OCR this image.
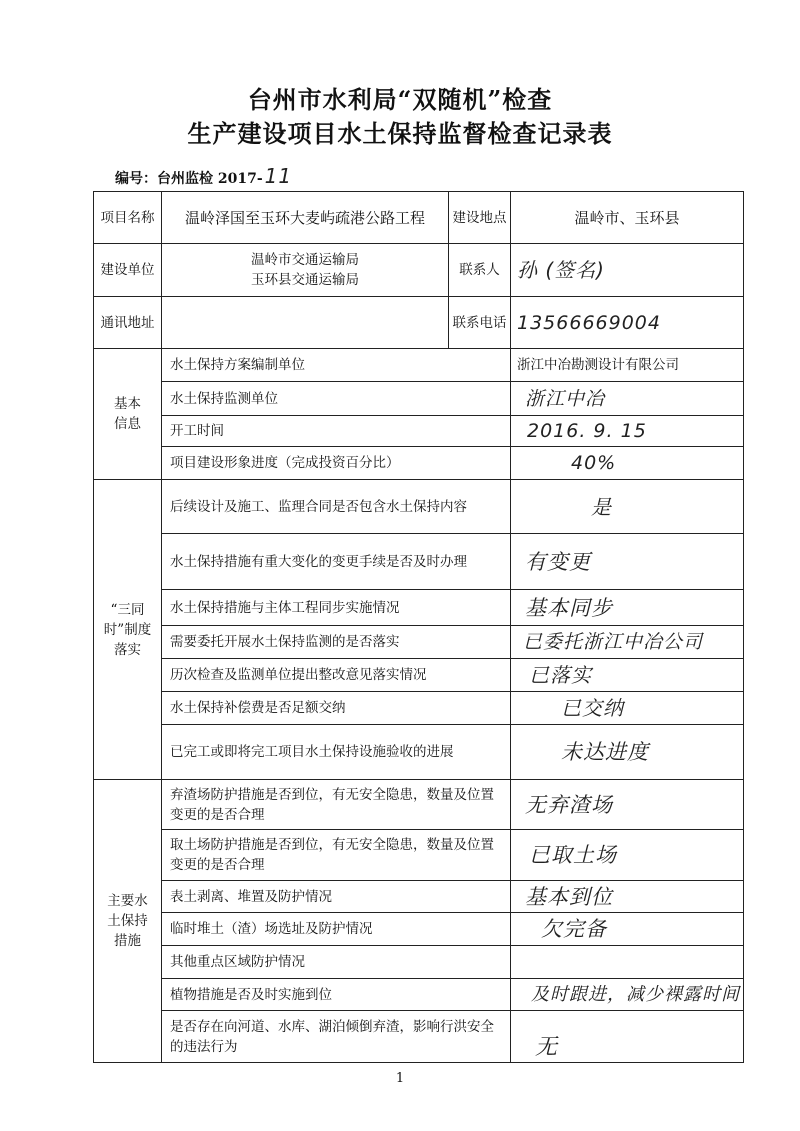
台州市水利局“双随机”检查
生产建设项目水土保持监督检查记录表
编号：台州监检 2017- 11
项目名称	温岭泽国至玉环大麦屿疏港公路工程	建设地点	温岭市、玉环县
建设单位	温岭市交通运输局
玉环县交通运输局	联系人	孙 (签名)
通讯地址		联系电话	13566669004

基本信息	水土保持方案编制单位		浙江中冶勘测设计有限公司
	水土保持监测单位		浙江中冶
	开工时间		2016. 9. 15
	项目建设形象进度（完成投资百分比）		40%

“三同时”制度落实	后续设计及施工、监理合同是否包含水土保持内容		是
	水土保持措施有重大变化的变更手续是否及时办理		有变更
	水土保持措施与主体工程同步实施情况		基本同步
	需要委托开展水土保持监测的是否落实		已委托浙江中冶公司
	历次检查及监测单位提出整改意见落实情况		已落实
	水土保持补偿费是否足额交纳		已交纳
	已完工或即将完工项目水土保持设施验收的进展		未达进度

主要水土保持措施	弃渣场防护措施是否到位，有无安全隐患，数量及位置变更的是否合理		无弃渣场
	取土场防护措施是否到位，有无安全隐患，数量及位置变更的是否合理		已取土场
	表土剥离、堆置及防护情况		基本到位
	临时堆土（渣）场选址及防护情况		欠完备
	其他重点区域防护情况		
	植物措施是否及时实施到位		及时跟进，减少裸露时间
	是否存在向河道、水库、湖泊倾倒弃渣，影响行洪安全的违法行为		无
1
